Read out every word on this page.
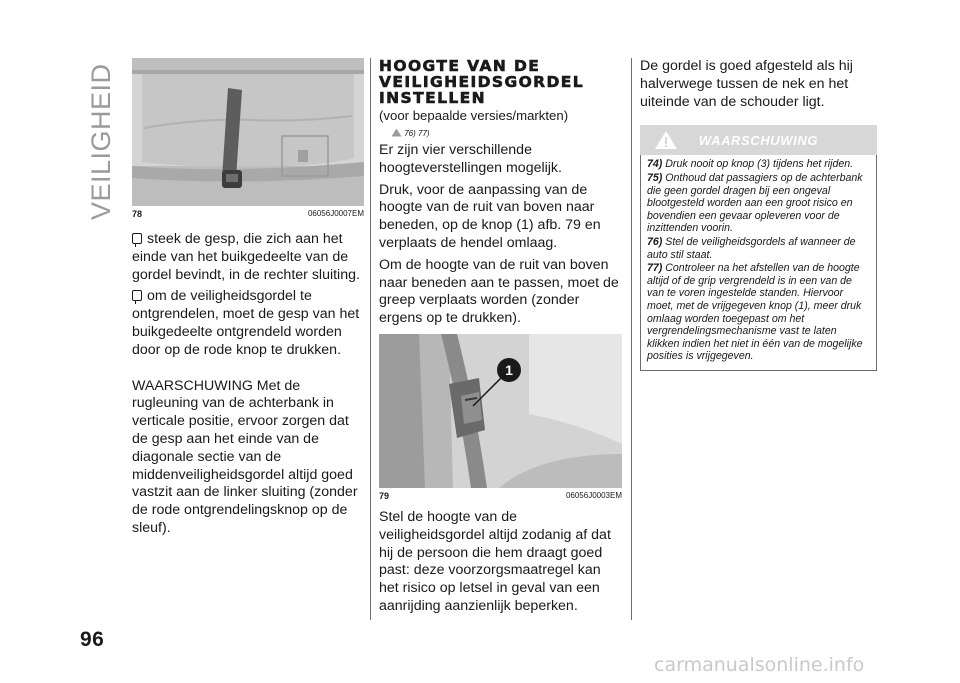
VEILIGHEID 78	06056J0007EM

steek de gesp, die zich aan het einde van het buikgedeelte van de gordel bevindt, in de rechter sluiting.

om de veiligheidsgordel te ontgrendelen, moet de gesp van het buikgedeelte ontgrendeld worden door op de rode knop te drukken.

WAARSCHUWING Met de rugleuning van de achterbank in verticale positie, ervoor zorgen dat de gesp aan het einde van de diagonale sectie van de middenveiligheidsgordel altijd goed vastzit aan de linker sluiting (zonder de rode ontgrendelingsknop op de sleuf).

HOOGTE VAN DE VEILIGHEIDSGORDEL INSTELLEN
(voor bepaalde versies/markten)
76) 77)

Er zijn vier verschillende hoogteverstellingen mogelijk.

Druk, voor de aanpassing van de hoogte van de ruit van boven naar beneden, op de knop (1) afb. 79 en verplaats de hendel omlaag.

Om de hoogte van de ruit van boven naar beneden aan te passen, moet de greep verplaats worden (zonder ergens op te drukken).

1
79	06056J0003EM

Stel de hoogte van de veiligheidsgordel altijd zodanig af dat hij de persoon die hem draagt goed past: deze voorzorgsmaatregel kan het risico op letsel in geval van een aanrijding aanzienlijk beperken.

De gordel is goed afgesteld als hij halverwege tussen de nek en het uiteinde van de schouder ligt.

WAARSCHUWING
74) Druk nooit op knop (3) tijdens het rijden.
75) Onthoud dat passagiers op de achterbank die geen gordel dragen bij een ongeval blootgesteld worden aan een groot risico en bovendien een gevaar opleveren voor de inzittenden voorin.
76) Stel de veiligheidsgordels af wanneer de auto stil staat.
77) Controleer na het afstellen van de hoogte altijd of de grip vergrendeld is in een van de van te voren ingestelde standen. Hiervoor moet, met de vrijgegeven knop (1), meer druk omlaag worden toegepast om het vergrendelingsmechanisme vast te laten klikken indien het niet in één van de mogelijke posities is vrijgegeven.
96
carmanualsonline.info
